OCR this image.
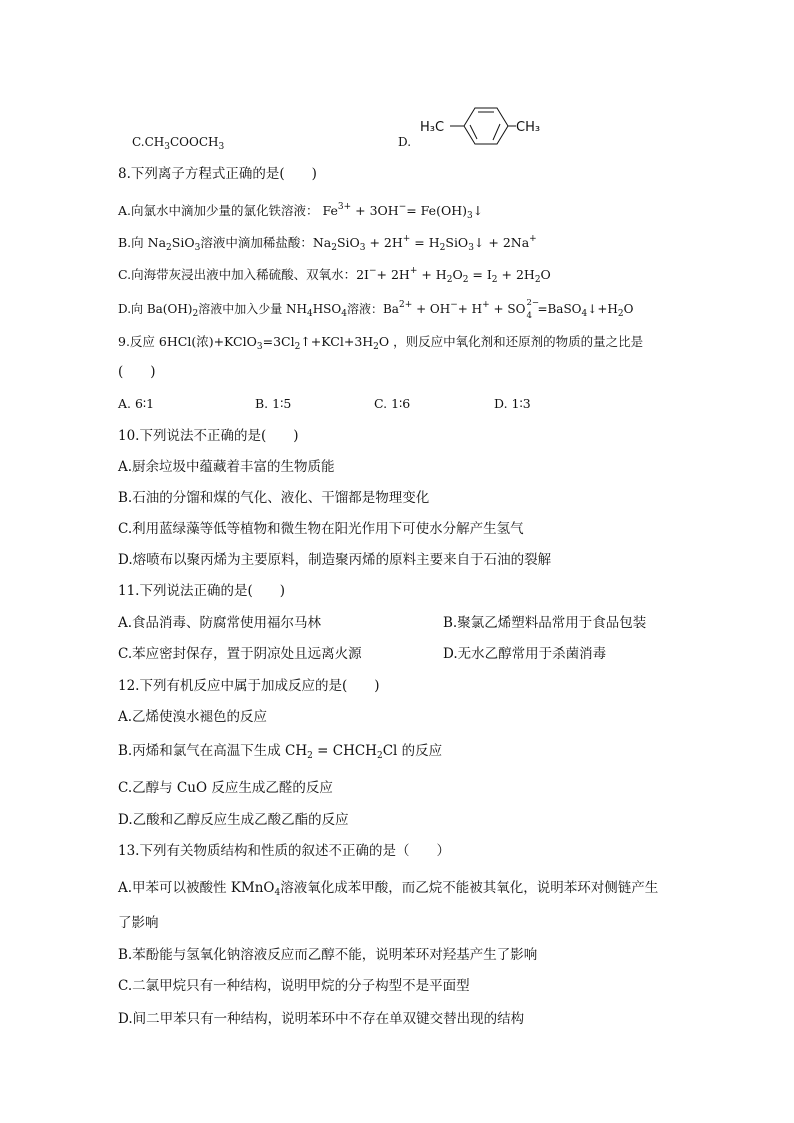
$C.CH_3COOCH_3$	D.
H₃C	CH₃
8.下列离子方程式正确的是(　　)
A.向氯水中滴加少量的氯化铁溶液： $Fe^{3+} + 3OH^-=$ $Fe(OH)_3↓$
B.向 $Na_2SiO_3$溶液中滴加稀盐酸：$Na_2SiO_3 + 2H^+$ = $H_2SiO_3↓ + 2Na^+$
C.向海带灰浸出液中加入稀硫酸、双氧水：$2I^-+ 2H^+ + H_2O_2 = I_2 + 2H_2O$
D.向 $Ba(OH)_2$溶液中加入少量 $NH_4HSO_4$溶液：$Ba^{2+} + OH^-+ H^+$ + SO 2−
$4 =BaSO_4↓+H_2O$
9.反应 6HCl(浓)$+KClO_3=3Cl_2↑+KCl+3H_2O$ ，则反应中氧化剂和还原剂的物质的量之比是
(　　)
A. 6∶1	B. 1∶5	C. 1∶6	D. 1∶3
10.下列说法不正确的是(　　)
A.厨余垃圾中蕴藏着丰富的生物质能
B.石油的分馏和煤的气化、液化、干馏都是物理变化
C.利用蓝绿藻等低等植物和微生物在阳光作用下可使水分解产生氢气
D.熔喷布以聚丙烯为主要原料，制造聚丙烯的原料主要来自于石油的裂解
11.下列说法正确的是(　　)
A.食品消毒、防腐常使用福尔马林	B.聚氯乙烯塑料品常用于食品包装
C.苯应密封保存，置于阴凉处且远离火源	D.无水乙醇常用于杀菌消毒
12.下列有机反应中属于加成反应的是(　　)
A.乙烯使溴水褪色的反应
B.丙烯和氯气在高温下生成 $CH_2$ = $CHCH_2Cl$ 的反应
C.乙醇与 CuO 反应生成乙醛的反应
D.乙酸和乙醇反应生成乙酸乙酯的反应
13.下列有关物质结构和性质的叙述不正确的是（　　）
A.甲苯可以被酸性 KMnO$_4$溶液氧化成苯甲酸，而乙烷不能被其氧化，说明苯环对侧链产生
了影响
B.苯酚能与氢氧化钠溶液反应而乙醇不能，说明苯环对羟基产生了影响
C.二氯甲烷只有一种结构，说明甲烷的分子构型不是平面型
D.间二甲苯只有一种结构，说明苯环中不存在单双键交替出现的结构
